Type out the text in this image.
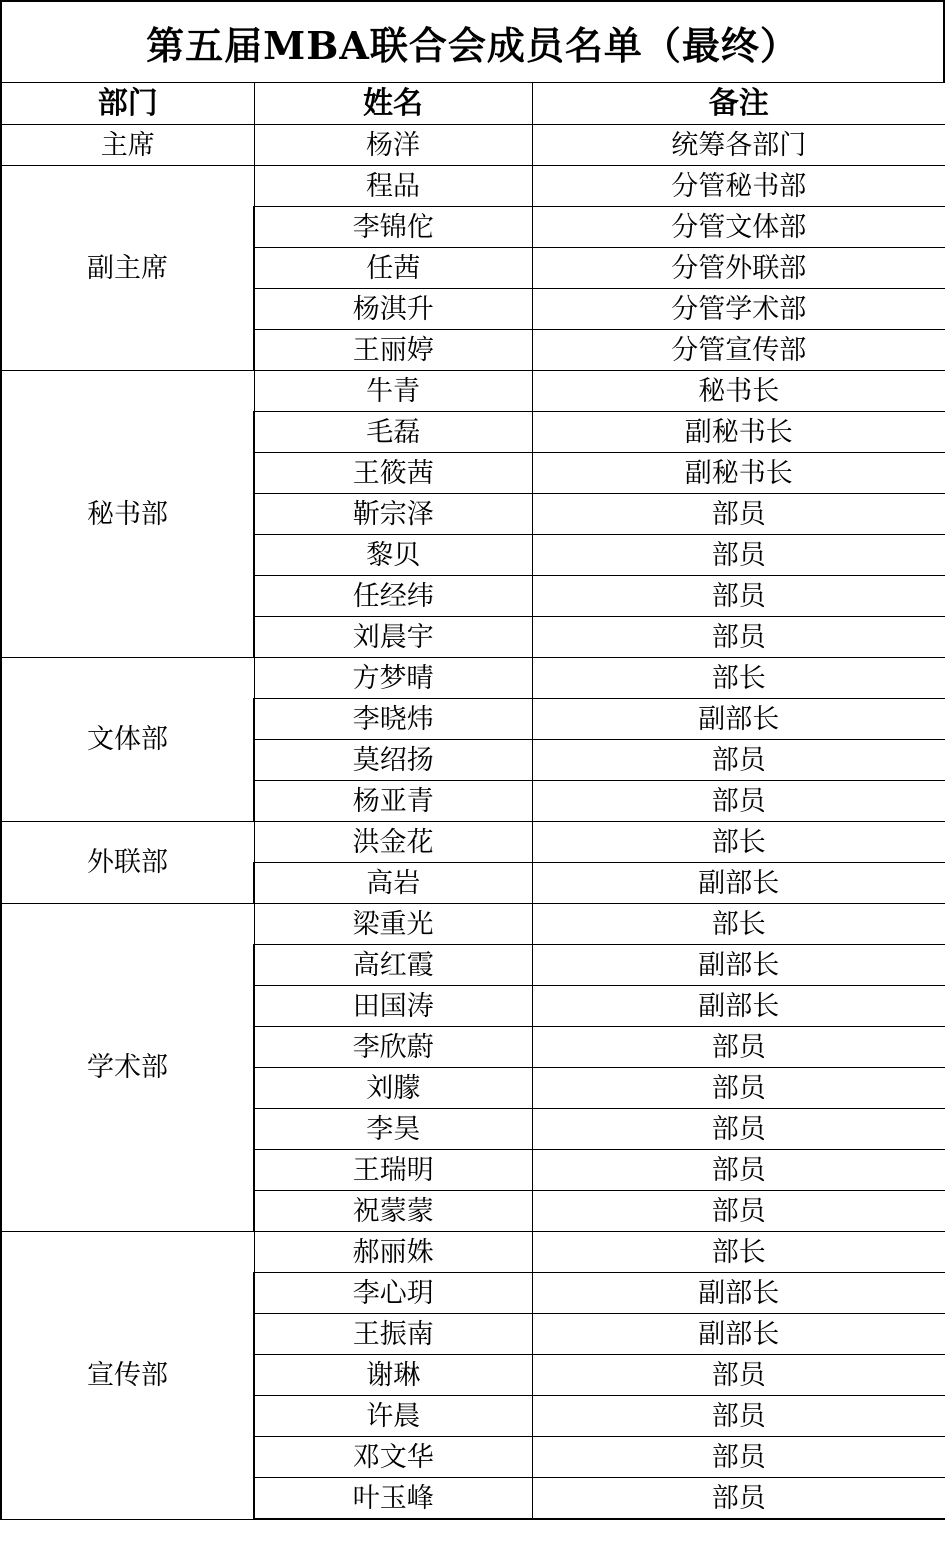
第五届MBA联合会成员名单（最终）
部门	姓名	备注
主席	杨洋	统筹各部门
副主席	程品	分管秘书部
	李锦佗	分管文体部
	任茜	分管外联部
	杨淇升	分管学术部
	王丽婷	分管宣传部
秘书部	牛青	秘书长
	毛磊	副秘书长
	王筱茜	副秘书长
	靳宗泽	部员
	黎贝	部员
	任经纬	部员
	刘晨宇	部员
文体部	方梦晴	部长
	李晓炜	副部长
	莫绍扬	部员
	杨亚青	部员
外联部	洪金花	部长
	高岩	副部长
学术部	梁重光	部长
	高红霞	副部长
	田国涛	副部长
	李欣蔚	部员
	刘朦	部员
	李昊	部员
	王瑞明	部员
	祝蒙蒙	部员
宣传部	郝丽姝	部长
	李心玥	副部长
	王振南	副部长
	谢琳	部员
	许晨	部员
	邓文华	部员
	叶玉峰	部员
